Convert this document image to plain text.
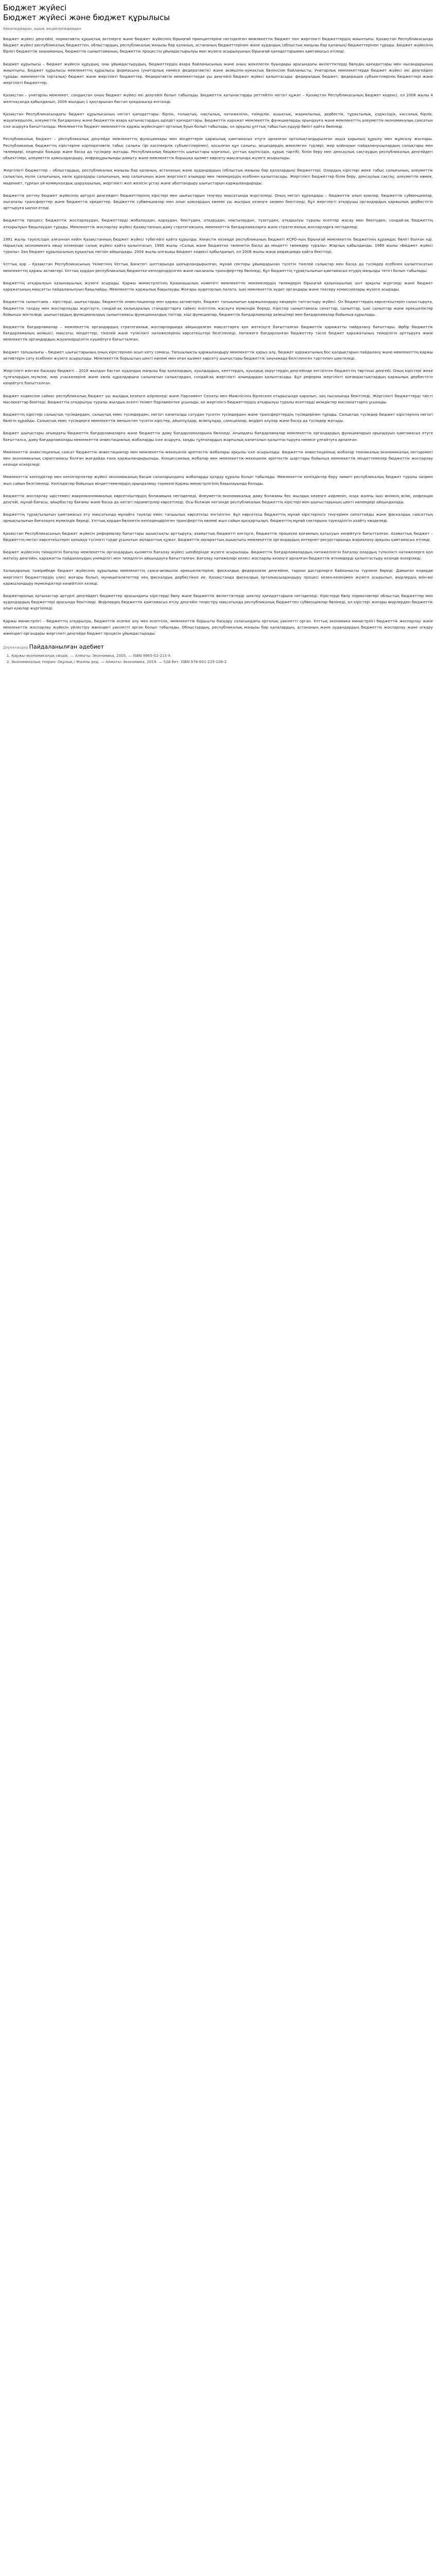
Бюджет жүйесі
Бюджет жүйесі және бюджет құрылысы
Уикипедиядан, ашық энциклопедиядан

Бюджет жүйесі деңгейлі, нормативтік құқықтық актілерге және бюджет жүйесінің бірыңғай принциптеріне негізделген мемлекеттік бюджет пен жергілікті бюджеттердің жиынтығы. Қазақстан Республикасында бюджет жүйесі республикалық бюджеттен, облыстардың, республикалық маңызы бар қаланың, астананың бюджеттерінен және аудандық (облыстық маңызы бар қаланың) бюджеттерінен тұрады. Бюджет жүйесінің бірлігі бюджеттік заңнаманың, бюджеттік сыныптаманың, бюджеттік процестің ұйымдастырылуы мен жүзеге асырылуының бірыңғай қағидаттарымен қамтамасыз етіледі.

Бюджет құрылысы – бюджет жүйесін құрудың, оны ұйымдастырудың, бюджеттердің өзара байланысының және оның жекелеген буындары арасындағы өкілеттіктерді бөлудің қағидаттары мен нысандарының жиынтығы. Бюджет құрылысы мемлекеттің құрылысы формасына (унитарлық немесе федеративтік) және әкімшілік-аумақтық бөлінісіне байланысты. Унитарлық мемлекеттерде бюджет жүйесі екі деңгейден тұрады: мемлекеттік (орталық) бюджет және жергілікті бюджеттер. Федеративтік мемлекеттерде үш деңгейлі бюджет жүйесі қалыптасады: федералдық бюджет, федерация субъектілерінің бюджеттері және жергілікті бюджеттер.

Қазақстан – унитарлы мемлекет, сондықтан оның бюджет жүйесі екі деңгейлі болып табылады. Бюджеттік қатынастарды реттейтін негізгі құжат – Қазақстан Республикасының Бюджет кодексі, ол 2008 жылы 4 желтоқсанда қабылданып, 2009 жылдың 1 қаңтарынан бастап қолданысқа енгізілді.

Қазақстан Республикасындағы бюджет құрылысының негізгі қағидаттары: бірлік, толықтық, нақтылық, нәтижелілік, тиімділік, ашықтық, жариялылық, дербестік, тұрақтылық, үздіксіздік, кассалық бірлік, жауапкершілік, әлеуметтік бағдарлану және бюджеттік өзара қатынастардың әділдігі қағидаттары. Бюджеттік қаражат мемлекеттік функцияларды орындауға және мемлекеттің әлеуметтік-экономикалық саясатын іске асыруға бағытталады. Мемлекеттік бюджет мемлекеттік қаржы жүйесіндегі орталық буын болып табылады, ол арқылы ұлттық табыстың едәуір бөлігі қайта бөлінеді.

Республикалық бюджет – республикалық деңгейде мемлекеттің функциялары мен міндеттерін қаржылық қамтамасыз етуге арналған орталықтандырылған ақша қорының құрылу мен жұмсалу жоспары. Республикалық бюджеттің кірістеріне корпоративтік табыс салығы (ірі кәсіпкерлік субъектілерінен), қосылған құн салығы, акциздердің жекелеген түрлері, жер қойнауын пайдаланушылардың салықтары мен төлемдері, кедендік баждар және басқа да түсімдер жатады. Республикалық бюджеттің шығыстары қорғаныс, ұлттық қауіпсіздік, құқық тәртібі, білім беру мен денсаулық сақтаудың республикалық деңгейдегі объектілері, әлеуметтік қамсыздандыру, инфрақұрылымды дамыту және мемлекеттік борышқа қызмет көрсету мақсатында жүзеге асырылады.

Жергілікті бюджеттер – облыстардың, республикалық маңызы бар қаланың, астананың және аудандардың (облыстық маңызы бар қалалардың) бюджеттері. Олардың кірістері жеке табыс салығының, әлеуметтік салықтың, мүлік салығының, көлік құралдары салығының, жер салығының және жергілікті алымдар мен төлемдердің есебінен қалыптасады. Жергілікті бюджеттер білім беру, денсаулық сақтау, әлеуметтік көмек, мәдениет, тұрғын үй-коммуналдық шаруашылық, жергілікті жол желісін ұстау және абаттандыру шығыстарын қаржыландырады.

Бюджеттік реттеу бюджет жүйесінің әртүрлі деңгейдегі бюджеттерінің кірістері мен шығыстарын теңгеру мақсатында жүргізіледі. Оның негізгі құралдары – бюджеттік алып қоюлар, бюджеттік субвенциялар, нысаналы трансферттер және бюджеттік кредиттер. Бюджеттік субвенциялар мен алып қоюлардың көлемі үш жылдық кезеңге заңмен бекітіледі, бұл жергілікті атқарушы органдардың қаржылық дербестігін арттыруға ықпал етеді.

Бюджеттік процесс бюджеттік жоспарлаудан, бюджеттерді жобалаудан, қараудан, бекітуден, атқарудан, нақтылаудан, түзетуден, атқарылуы туралы есептер жасау мен бекітуден, сондай-ақ бюджеттің атқарылуын бақылаудан тұрады. Мемлекеттік жоспарлау жүйесі Қазақстанның даму стратегиясына, мемлекеттік бағдарламаларға және стратегиялық жоспарларға негізделеді.

1991 жылы тәуелсіздік алғаннан кейін Қазақстанның бюджет жүйесі түбегейлі қайта құрылды. Кеңестік кезеңде республиканың бюджеті КСРО-ның бірыңғай мемлекеттік бюджетінің құрамдас бөлігі болған еді. Нарықтық экономикаға көшу кезеңінде салық жүйесі қайта қалыптасып, 1995 жылы «Салық және бюджетке төленетін басқа да міндетті төлемдер туралы» Жарлық қабылданды. 1999 жылы «Бюджет жүйесі туралы» Заң бюджет құрылысының құқықтық негізін айқындады. 2004 жылы алғашқы Бюджет кодексі қабылданып, ол 2008 жылы жаңа редакцияда қайта бекітілді.

Ұлттық қор – Қазақстан Республикасының Үкіметінің Ұлттық Банктегі шоттарында шоғырландырылған, мұнай секторы ұйымдарынан түсетін тікелей салықтар мен басқа да түсімдер есебінен қалыптасатын мемлекеттің қаржы активтері. Ұлттық қордан республикалық бюджетке кепілдендірілген және нысаналы трансферттер бөлінеді, бұл бюджеттің тұрақтылығын қамтамасыз етудің маңызды тетігі болып табылады.

Бюджеттің атқарылуын қазынашылық жүзеге асырады. Қаржы министрлігінің Қазынашылық комитеті мемлекеттік мекемелердің төлемдерін бірыңғай қазынашылық шот арқылы жүргізеді және бюджет қаражатының мақсатты пайдаланылуын бақылайды. Мемлекеттік қаржылық бақылауды Жоғары аудиторлық палата, ішкі мемлекеттік аудит органдары және тексеру комиссиялары жүзеге асырады.

Бюджеттік сыныптама – кірістерді, шығыстарды, бюджеттік инвестициялар мен қаржы активтерін, бюджет тапшылығын қаржыландыру көздерін топтастыру жүйесі. Ол бюджеттердің көрсеткіштерін салыстыруға, бюджеттік талдау мен жоспарлауды жүргізуге, сондай-ақ халықаралық стандарттарға сәйкес есептілік жасауға мүмкіндік береді. Кірістер сыныптамасы санаттар, сыныптар, ішкі сыныптар және ерекшеліктер бойынша жіктеледі; шығыстардың функционалдық сыныптамасы функционалдық топтар, кіші функциялар, бюджеттік бағдарламалар әкімшілері мен бағдарламалар бойынша құрылады.

Бюджеттік бағдарламалар – мемлекеттік органдардың стратегиялық жоспарларында айқындалған мақсаттарға қол жеткізуге бағытталған бюджеттік қаражатты пайдалану бағыттары. Әрбір бюджеттік бағдарламаның әкімшісі, мақсаты, міндеттері, тікелей және түпкілікті нәтижелерінің көрсеткіштері белгіленеді. Нәтижеге бағдарланған бюджеттеу тәсілі бюджет қаражатының тиімділігін арттыруға және мемлекеттік органдардың жауапкершілігін күшейтуге бағытталған.

Бюджет тапшылығы – бюджет шығыстарының оның кірістерінен асып кету сомасы. Тапшылықты қаржыландыру мемлекеттік қарыз алу, бюджет қаражатының бос қалдықтарын пайдалану және мемлекеттің қаржы активтерін сату есебінен жүзеге асырылады. Мемлекеттік борыштың шекті көлемі мен оған қызмет көрсету шығыстары бюджеттік заңнамада белгіленген тәртіппен шектеледі.

Жергілікті өзін-өзі басқару бюджеті – 2018 жылдан бастап аудандық маңызы бар қалалардың, ауылдардың, кенттердің, ауылдық округтердің деңгейінде енгізілген бюджеттің төртінші деңгейі. Оның кірістері жеке тұлғалардың мүлкіне, жер учаскелеріне және көлік құралдарына салынатын салықтардан, сондай-ақ жергілікті алымдардан қалыптасады. Бұл реформа жергілікті қоғамдастықтардың қаржылық дербестігін кеңейтуге бағытталған.

Бюджет кодексіне сәйкес республикалық бюджет үш жылдық кезеңге әзірленеді және Парламент Сенаты мен Мәжілісінің бірлескен отырысында қаралып, заң нысанында бекітіледі. Жергілікті бюджеттерді тиісті мәслихаттар бекітеді. Бюджеттің атқарылуы туралы жылдық есепті Үкімет Парламентке ұсынады, ал жергілікті бюджеттердің атқарылуы туралы есептерді әкімдіктер мәслихаттарға ұсынады.

Бюджеттің кірістері салықтық түсімдерден, салықтық емес түсімдерден, негізгі капиталды сатудан түсетін түсімдерден және трансферттердің түсімдерінен тұрады. Салықтық түсімдер бюджет кірістерінің негізгі бөлігін құрайды. Салықтық емес түсімдерге мемлекеттік меншіктен түсетін кірістер, айыппұлдар, өсімпұлдар, санкциялар, өндіріп алулар және басқа да түсімдер жатады.

Бюджет шығыстары ағымдағы бюджеттік бағдарламаларға және бюджеттік даму бағдарламаларына бөлінеді. Ағымдағы бағдарламалар мемлекеттік органдардың функцияларын орындауын қамтамасыз етуге бағытталса, даму бағдарламалары мемлекеттік инвестициялық жобаларды іске асыруға, заңды тұлғалардың жарғылық капиталын қалыптастыруға немесе ұлғайтуға арналған.

Мемлекеттік инвестициялық саясат бюджеттік инвестициялар мен мемлекеттік-жекешелік әріптестік жобалары арқылы іске асырылады. Бюджеттік инвестициялық жобалар техникалық-экономикалық негіздемесі мен экономикалық сараптамасы болған жағдайда ғана қаржыландырылады. Концессиялық жобалар мен мемлекеттік-жекешелік әріптестік шарттары бойынша мемлекеттік міндеттемелер бюджеттік жоспарлау кезінде ескеріледі.

Мемлекеттік кепілдіктер мен кепілгерліктер жүйесі экономиканың басым салаларындағы жобаларды қолдау құралы болып табылады. Мемлекеттік кепілдіктер беру лимиті республикалық бюджет туралы заңмен жыл сайын белгіленеді. Кепілдіктер бойынша міндеттемелердің орындалмау тәуекелі Қаржы министрлігінің бақылауында болады.

Бюджеттік жоспарлау әдістемесі макроэкономикалық көрсеткіштердің болжамына негізделеді. Әлеуметтік-экономикалық даму болжамы бес жылдық кезеңге әзірленіп, онда жалпы ішкі өнімнің өсімі, инфляция деңгейі, мұнай бағасы, айырбастау бағамы және басқа да негізгі параметрлер көрсетіледі. Осы болжам негізінде республикалық бюджеттің кірістері мен шығыстарының шекті көлемдері айқындалады.

Бюджеттің тұрақтылығын қамтамасыз ету мақсатында мұнайға тәуелді емес тапшылық көрсеткіші енгізілген. Бұл көрсеткіш бюджеттің мұнай кірістерінсіз теңгерімін сипаттайды және фискалдық саясаттың орнықтылығын бағалауға мүмкіндік береді. Ұлттық қордан бөлінетін кепілдендірілген трансферттің көлемі жыл сайын қысқартылып, бюджеттің мұнай секторына тәуелділігін азайту көзделеді.

Қазақстан Республикасының бюджет жүйесін реформалау бағыттары ашықтықты арттыруға, азаматтық бюджетті енгізуге, бюджеттік процеске қоғамның қатысуын кеңейтуге бағытталған. Азаматтық бюджет – бюджеттің негізгі көрсеткіштерін халыққа түсінікті түрде ұсынатын ақпараттық құжат. Бюджеттік ақпараттың ашықтығы мемлекеттік органдардың интернет-ресурстарында жариялану арқылы қамтамасыз етіледі.

Бюджет жүйесінің тиімділігін бағалау мемлекеттік органдардың қызметін бағалау жүйесі шеңберінде жүзеге асырылады. Бюджеттік бағдарламалардың нәтижелілігін бағалау олардың түпкілікті нәтижелерге қол жеткізу деңгейін, қаражатты пайдаланудың үнемділігі мен тиімділігін айқындауға бағытталған. Бағалау нәтижелері келесі жоспарлы кезеңге арналған бюджеттік өтінімдерді қалыптастыру кезінде ескеріледі.

Халықаралық тәжірибеде бюджет жүйесінің құрылымы мемлекеттің саяси-әкімшілік ерекшеліктеріне, фискалдық федерализм деңгейіне, тарихи дәстүрлерге байланысты түрлене береді. Дамыған елдерде жергілікті бюджеттердің үлесі жоғары болып, муниципалитеттер кең фискалдық дербестікке ие. Қазақстанда фискалдық орталықсыздандыру процесі кезең-кезеңімен жүзеге асырылып, өңірлердің өзін-өзі қаржыландыру мүмкіндіктері кеңейтіліп келеді.

Бюджетаралық қатынастар әртүрлі деңгейдегі бюджеттер арасындағы кірістерді бөлу және бюджеттік өкілеттіктерді шектеу қағидаттарына негізделеді. Кірістерді бөлу нормативтері облыстық бюджеттер мен аудандардың бюджеттері арасында бекітіледі. Өңірлердің бюджеттік қамтамасыз етілу деңгейін теңестіру мақсатында республикалық бюджеттен субвенциялар бөлінеді, ал кірістері жоғары өңірлерден бюджеттік алып қоюлар жүргізіледі.

Қаржы министрлігі – бюджеттің атқарылуы, бюджеттік есепке алу мен есептілік, мемлекеттік борышты басқару саласындағы орталық уәкілетті орган. Ұлттық экономика министрлігі бюджеттік жоспарлау және мемлекеттік жоспарлау жүйесін үйлестіру жөніндегі уәкілетті орган болып табылады. Облыстардың, республикалық маңызы бар қалалардың, астананың және аудандардың бюджеттік жоспарлау және атқару жөніндегі органдары жергілікті деңгейде бюджет процесін ұйымдастырады.

Дереккөздер Пайдаланылған әдебиет
1. Қаржы-экономикалық сөздік. — Алматы: Экономика, 2005. — ISBN 9965-02-215-X
2. Экономикалық теория: Оқулық / Жалпы ред. — Алматы: Экономика, 2019. — 528 бет. ISBN 978-601-225-108-2
